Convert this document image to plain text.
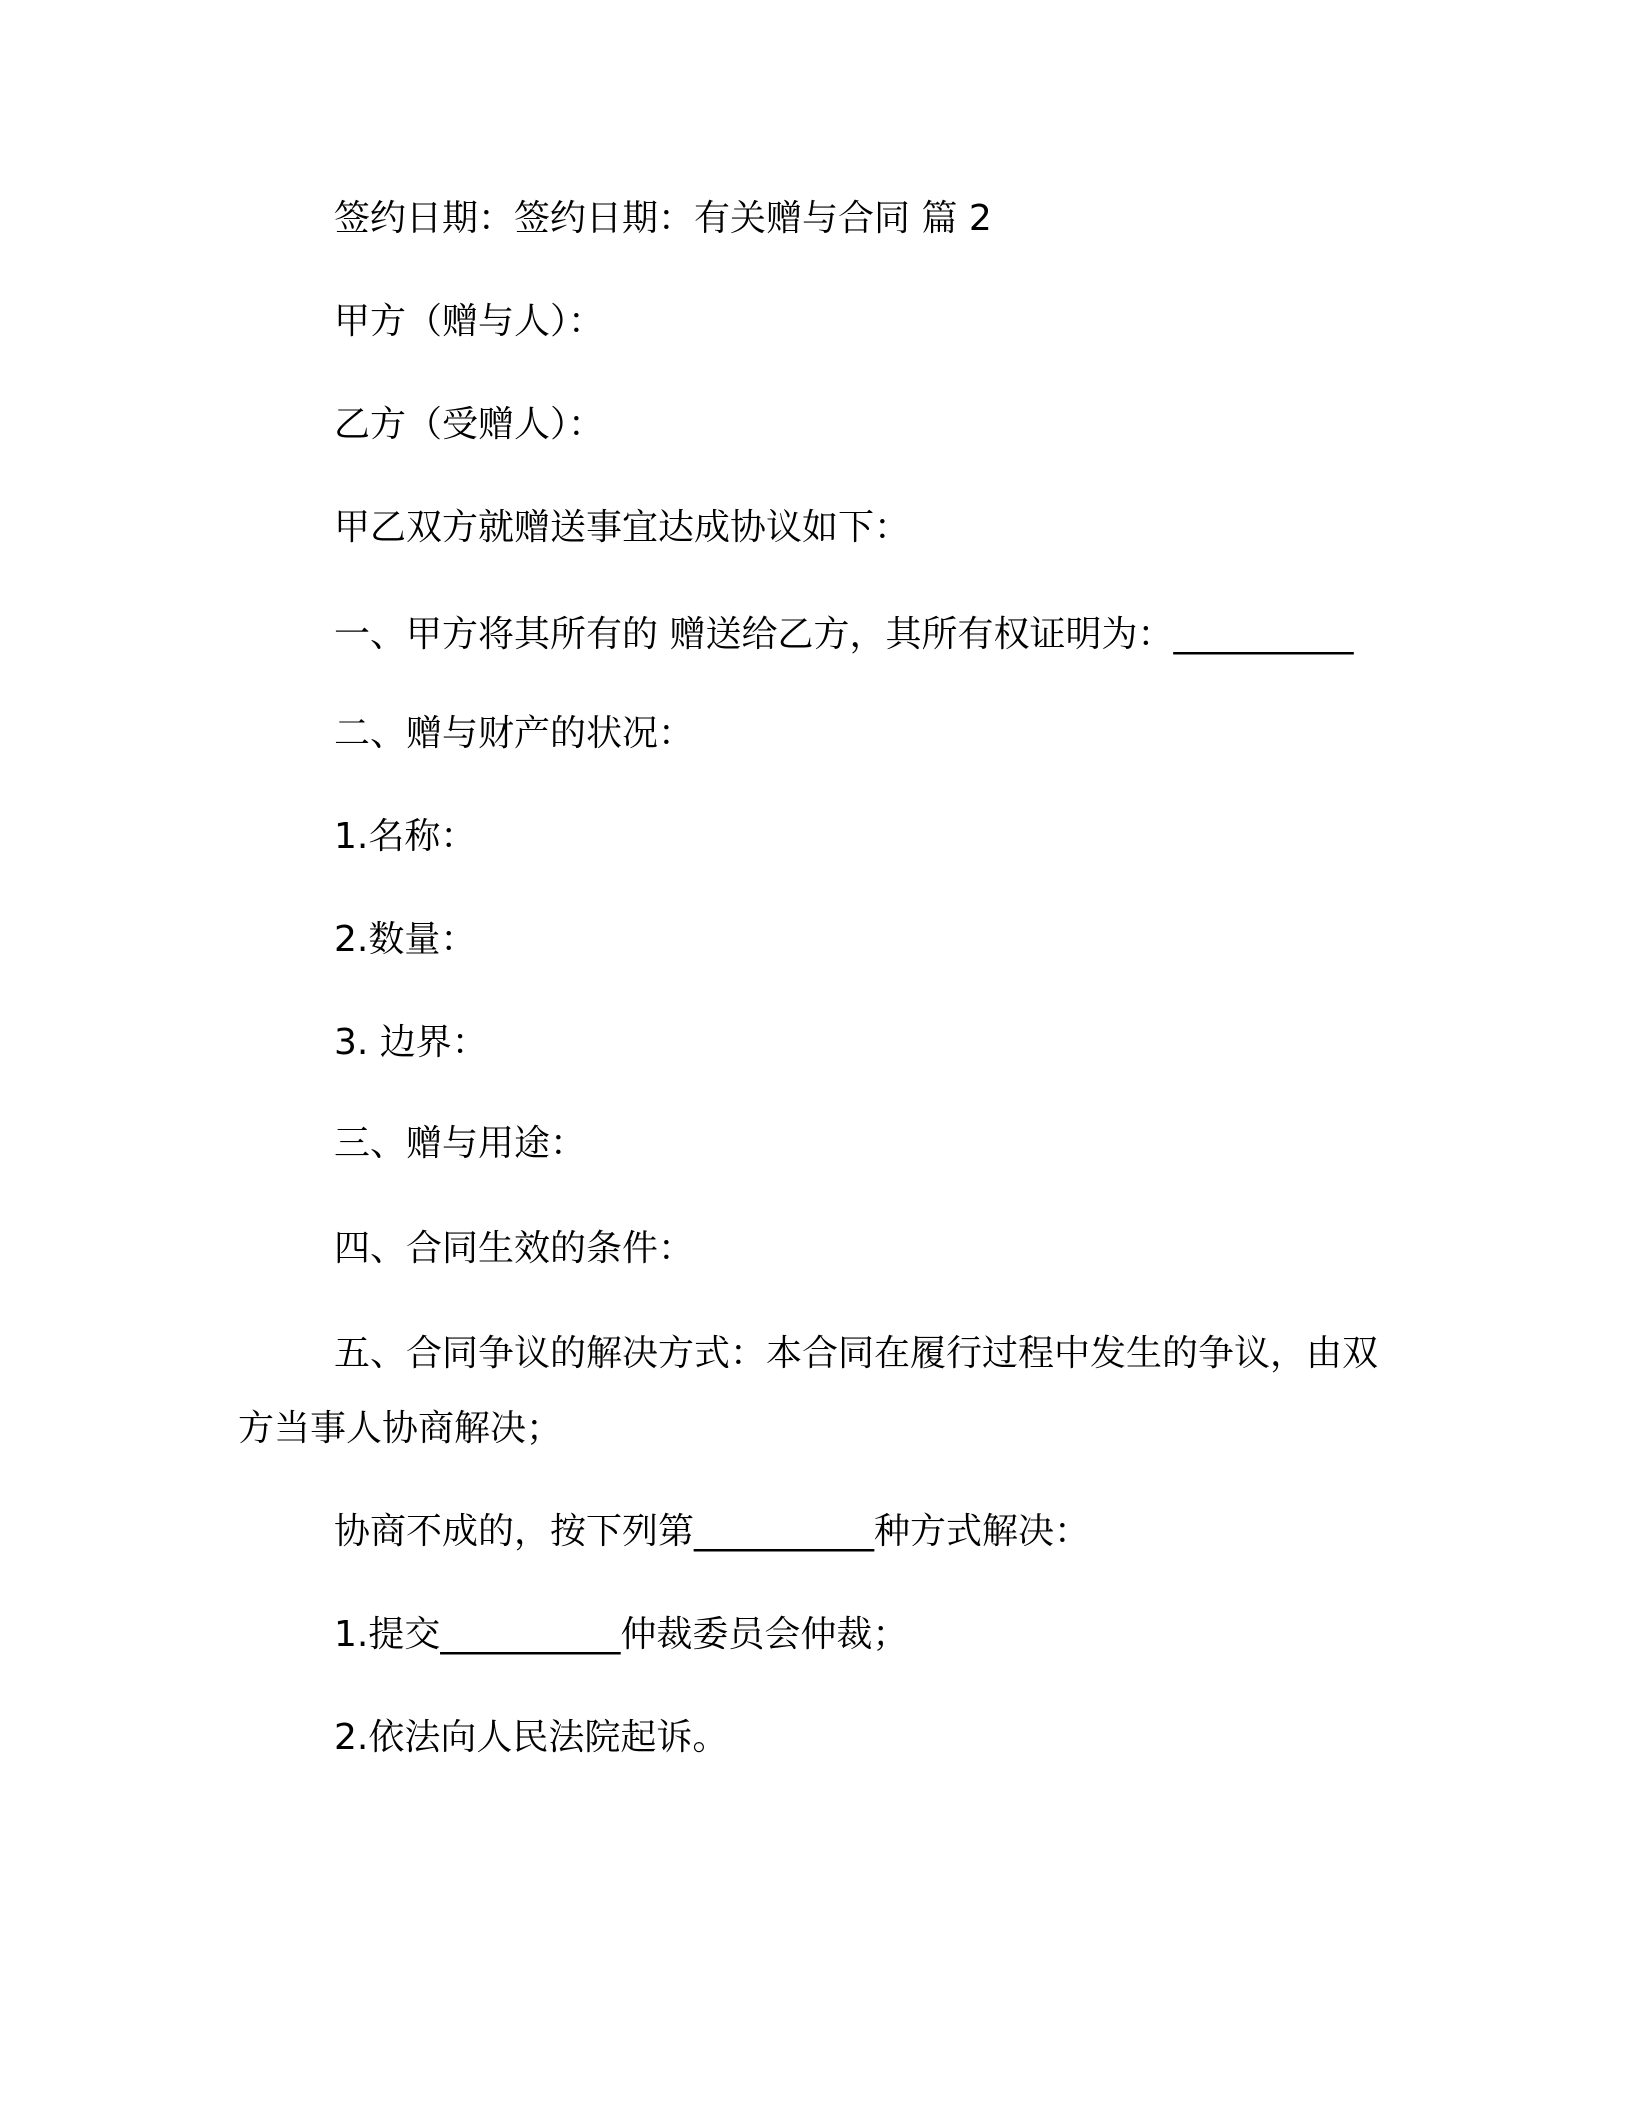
签约日期：签约日期：有关赠与合同 篇 2
甲方（赠与人）：
乙方（受赠人）：
甲乙双方就赠送事宜达成协议如下：
一、甲方将其所有的 赠送给乙方，其所有权证明为：__________
二、赠与财产的状况：
1.名称：
2.数量：
3. 边界：
三、赠与用途：
四、合同生效的条件：
五、合同争议的解决方式：本合同在履行过程中发生的争议，由双方当事人协商解决；
协商不成的，按下列第__________种方式解决：
1.提交__________仲裁委员会仲裁；
2.依法向人民法院起诉。
